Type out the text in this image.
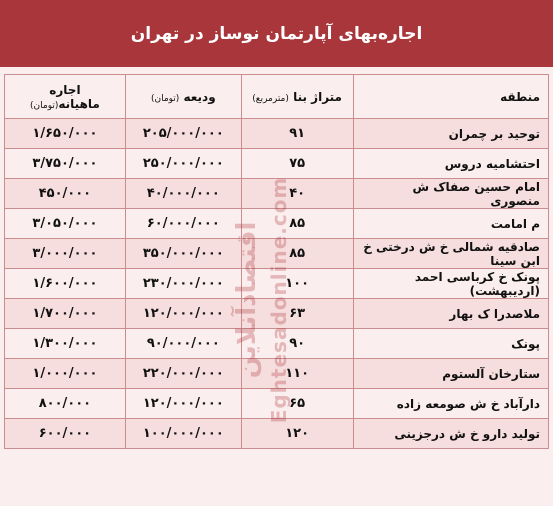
اجاره‌بهای آپارتمان نوساز در تهران
منطقه	متراژ بنا (مترمربع)	ودیعه (تومان)	اجاره ماهیانه(تومان)
توحید بر چمران	۹۱	۲۰۵/۰۰۰/۰۰۰	۱/۶۵۰/۰۰۰
احتشامیه دروس	۷۵	۲۵۰/۰۰۰/۰۰۰	۳/۷۵۰/۰۰۰
امام حسین صفاک ش منصوری	۴۰	۴۰/۰۰۰/۰۰۰	۴۵۰/۰۰۰
م امامت	۸۵	۶۰/۰۰۰/۰۰۰	۳/۰۵۰/۰۰۰
صادقیه شمالی خ ش درختی خ ابن سینا	۸۵	۳۵۰/۰۰۰/۰۰۰	۳/۰۰۰/۰۰۰
پونک خ کرباسی احمد (اردیبهشت)	۱۰۰	۲۳۰/۰۰۰/۰۰۰	۱/۶۰۰/۰۰۰
ملاصدرا ک بهار	۶۳	۱۲۰/۰۰۰/۰۰۰	۱/۷۰۰/۰۰۰
پونک	۹۰	۹۰/۰۰۰/۰۰۰	۱/۳۰۰/۰۰۰
ستارخان آلستوم	۱۱۰	۲۲۰/۰۰۰/۰۰۰	۱/۰۰۰/۰۰۰
دارآباد خ ش صومعه زاده	۶۵	۱۲۰/۰۰۰/۰۰۰	۸۰۰/۰۰۰
تولید دارو خ ش درجزینی	۱۲۰	۱۰۰/۰۰۰/۰۰۰	۶۰۰/۰۰۰
اقتصادآنلاین Eghtesadonline.com
